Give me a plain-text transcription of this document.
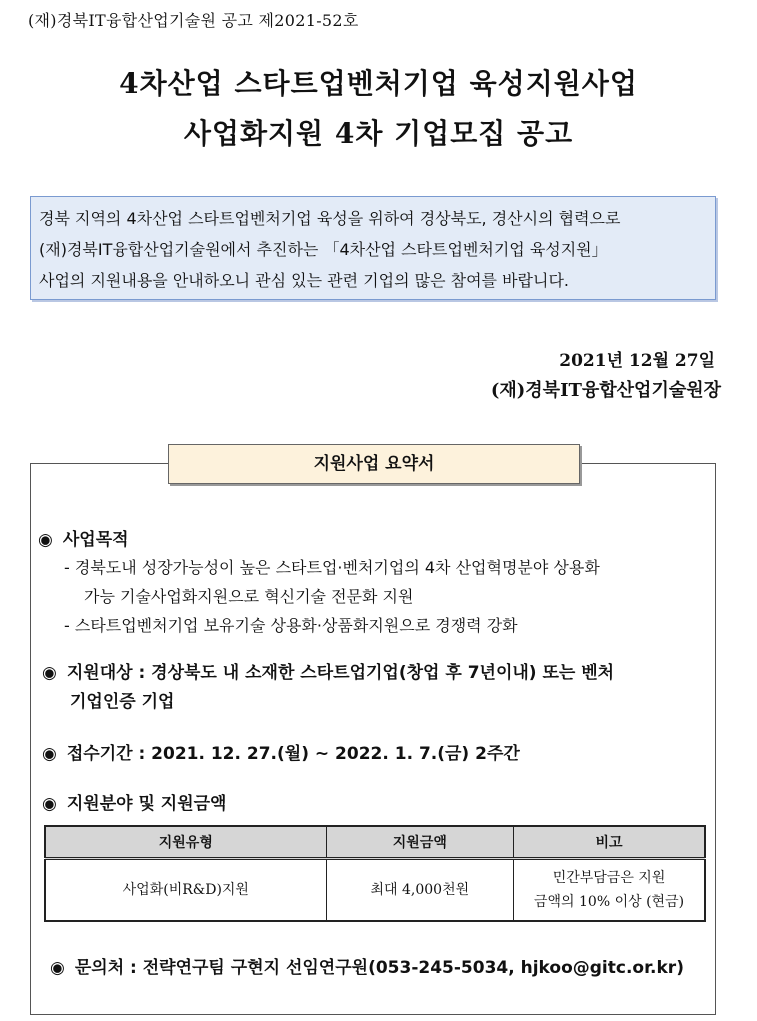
(재)경북IT융합산업기술원 공고 제2021-52호
4차산업 스타트업벤처기업 육성지원사업
사업화지원 4차 기업모집 공고
경북 지역의 4차산업 스타트업벤처기업 육성을 위하여 경상북도, 경산시의 협력으로
(재)경북IT융합산업기술원에서 추진하는 「4차산업 스타트업벤처기업 육성지원」
사업의 지원내용을 안내하오니 관심 있는 관련 기업의 많은 참여를 바랍니다.
2021년 12월 27일
(재)경북IT융합산업기술원장
지원사업 요약서
◉ 사업목적
- 경북도내 성장가능성이 높은 스타트업·벤처기업의 4차 산업혁명분야 상용화
가능 기술사업화지원으로 혁신기술 전문화 지원
- 스타트업벤처기업 보유기술 상용화·상품화지원으로 경쟁력 강화
◉ 지원대상 : 경상북도 내 소재한 스타트업기업(창업 후 7년이내) 또는 벤처
기업인증 기업
◉ 접수기간 : 2021. 12. 27.(월) ~ 2022. 1. 7.(금) 2주간
◉ 지원분야 및 지원금액
지원유형	지원금액	비고
사업화(비R&D)지원	최대 4,000천원	민간부담금은 지원
금액의 10% 이상 (현금)
◉ 문의처 : 전략연구팀 구현지 선임연구원(053-245-5034, hjkoo@gitc.or.kr)
